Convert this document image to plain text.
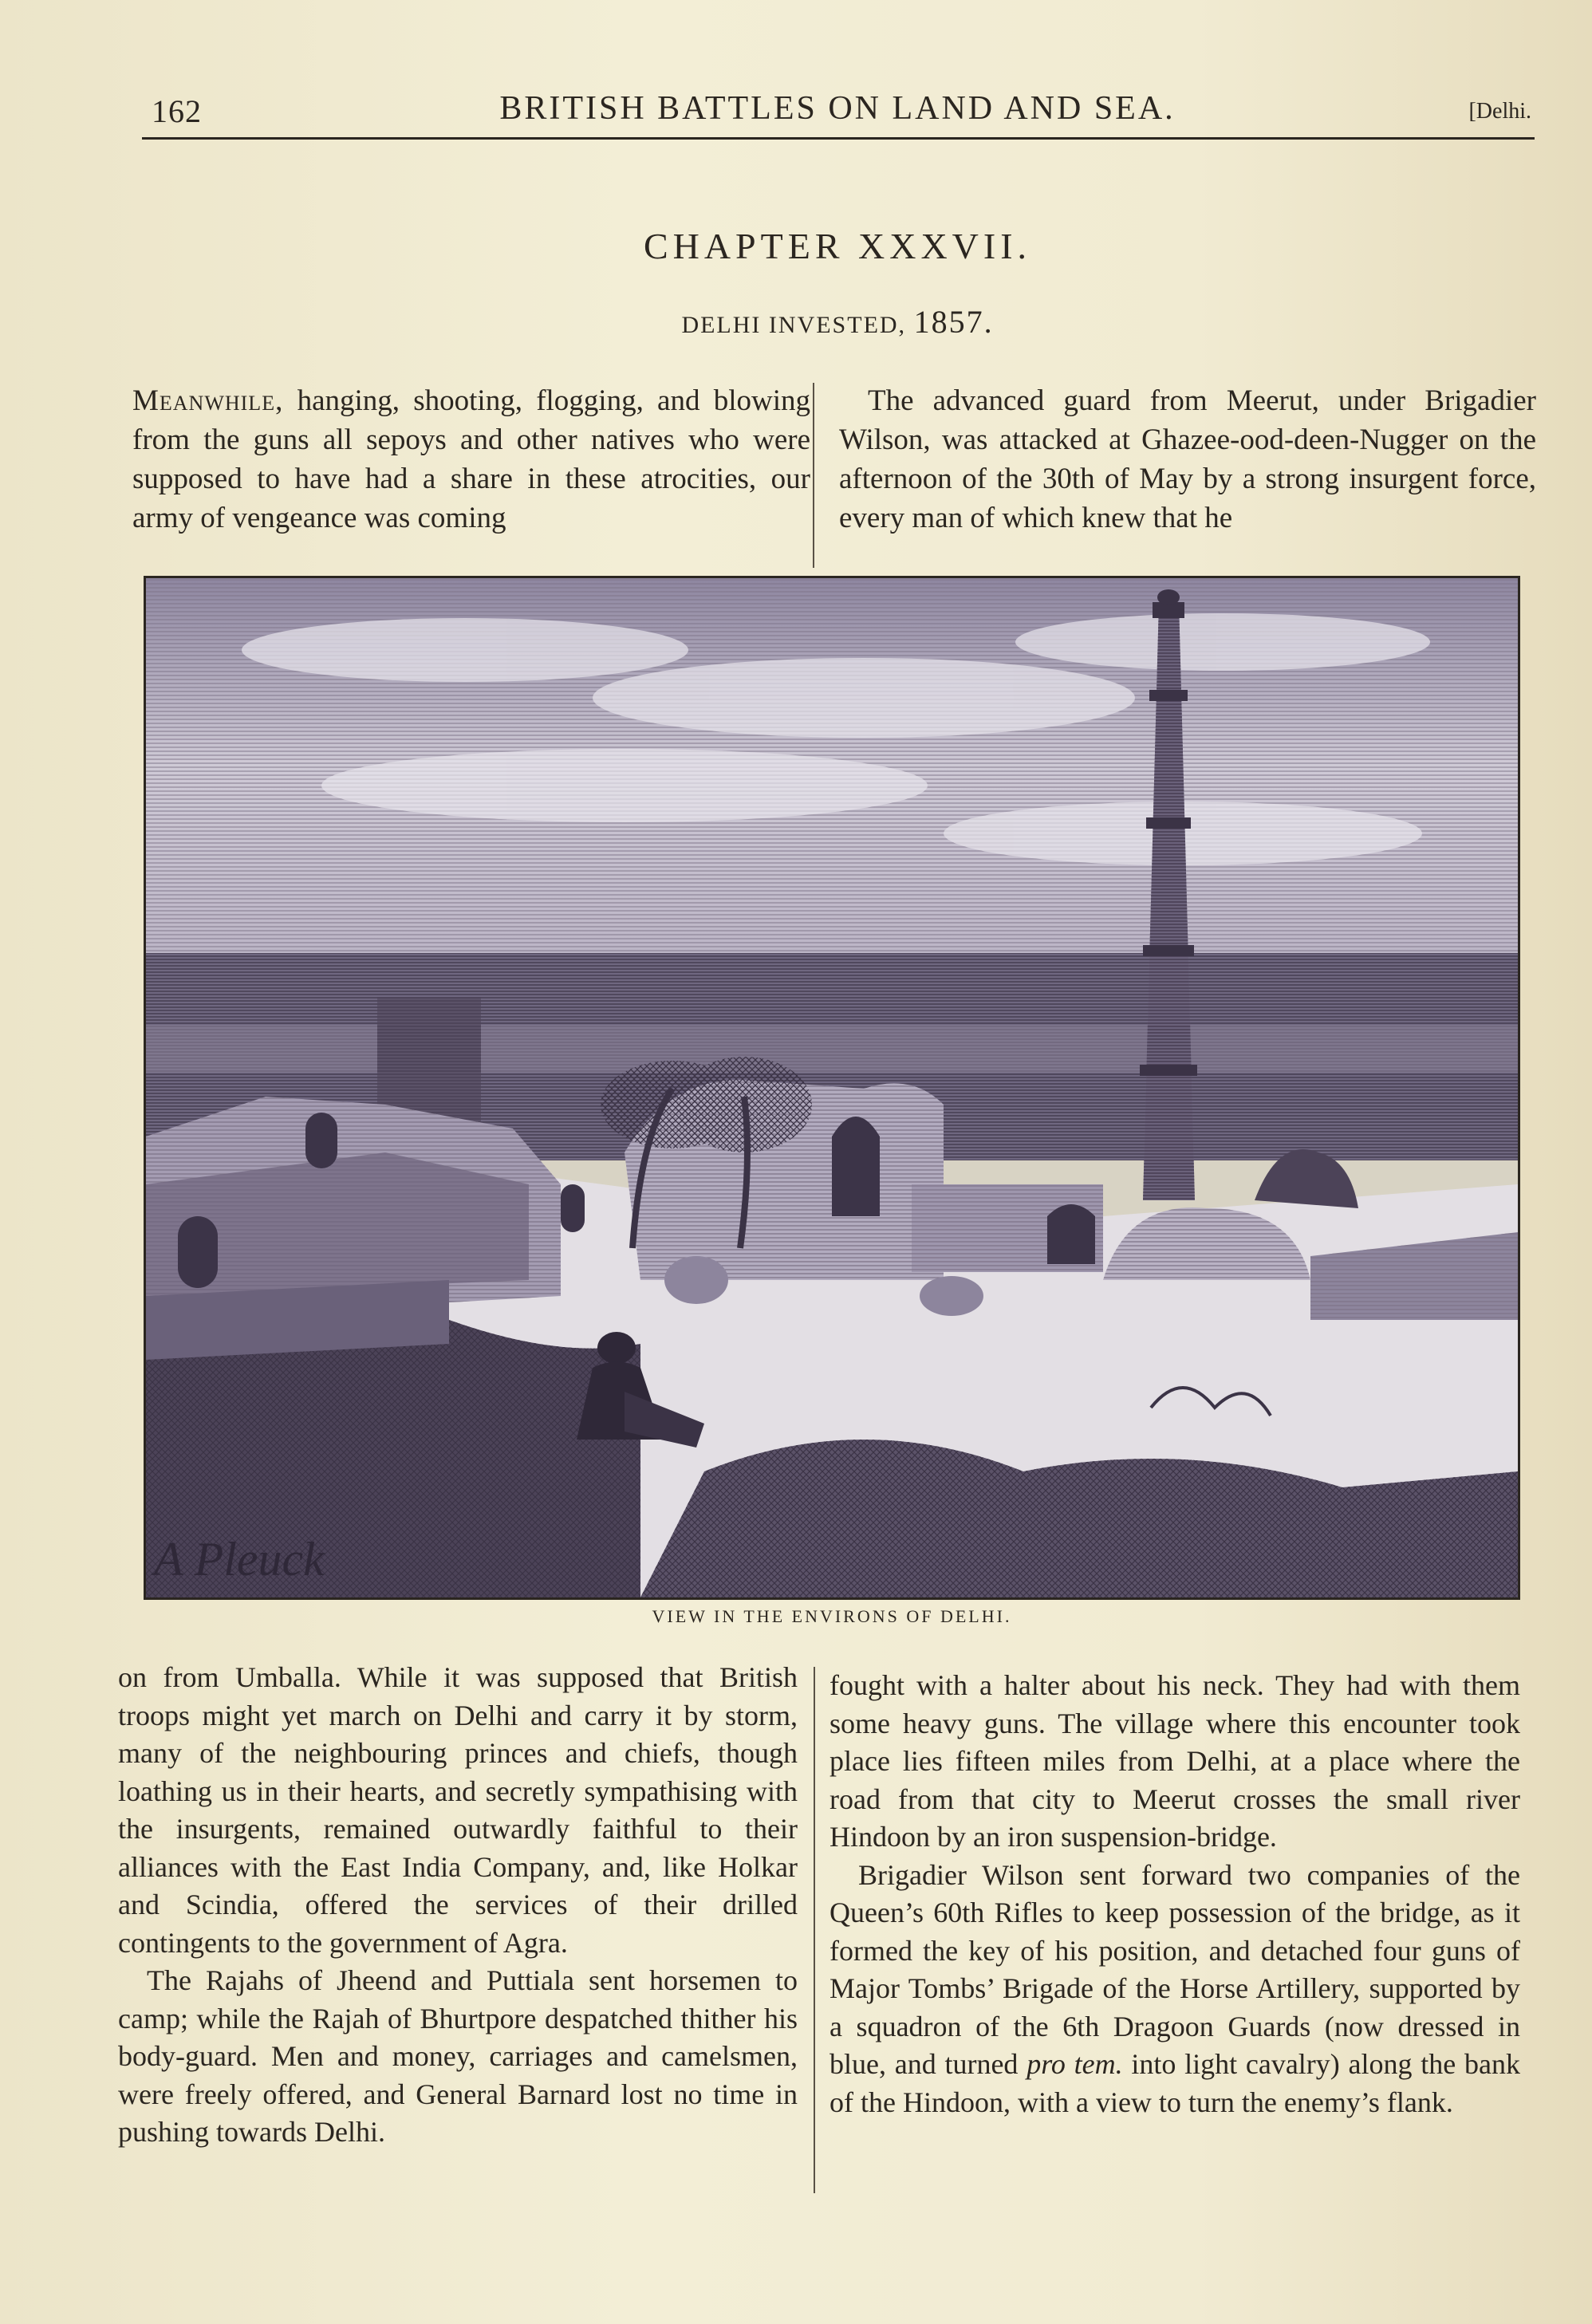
162	BRITISH BATTLES ON LAND AND SEA.	[Delhi.
CHAPTER XXXVII.
DELHI INVESTED, 1857.

Meanwhile, hanging, shooting, flogging, and blowing from the guns all sepoys and other natives who were supposed to have had a share in these atrocities, our army of vengeance was coming

The advanced guard from Meerut, under Brigadier Wilson, was attacked at Ghazee-ood-deen-Nugger on the afternoon of the 30th of May by a strong insurgent force, every man of which knew that he

A Pleuck
VIEW IN THE ENVIRONS OF DELHI.

on from Umballa. While it was supposed that British troops might yet march on Delhi and carry it by storm, many of the neighbouring princes and chiefs, though loathing us in their hearts, and secretly sympathising with the insurgents, remained outwardly faithful to their alliances with the East India Company, and, like Holkar and Scindia, offered the services of their drilled contingents to the government of Agra.

The Rajahs of Jheend and Puttiala sent horsemen to camp; while the Rajah of Bhurtpore despatched thither his body-guard. Men and money, carriages and camelsmen, were freely offered, and General Barnard lost no time in pushing towards Delhi.

fought with a halter about his neck. They had with them some heavy guns. The village where this encounter took place lies fifteen miles from Delhi, at a place where the road from that city to Meerut crosses the small river Hindoon by an iron suspension-bridge.

Brigadier Wilson sent forward two companies of the Queen’s 60th Rifles to keep possession of the bridge, as it formed the key of his position, and detached four guns of Major Tombs’ Brigade of the Horse Artillery, supported by a squadron of the 6th Dragoon Guards (now dressed in blue, and turned pro tem. into light cavalry) along the bank of the Hindoon, with a view to turn the enemy’s flank.
